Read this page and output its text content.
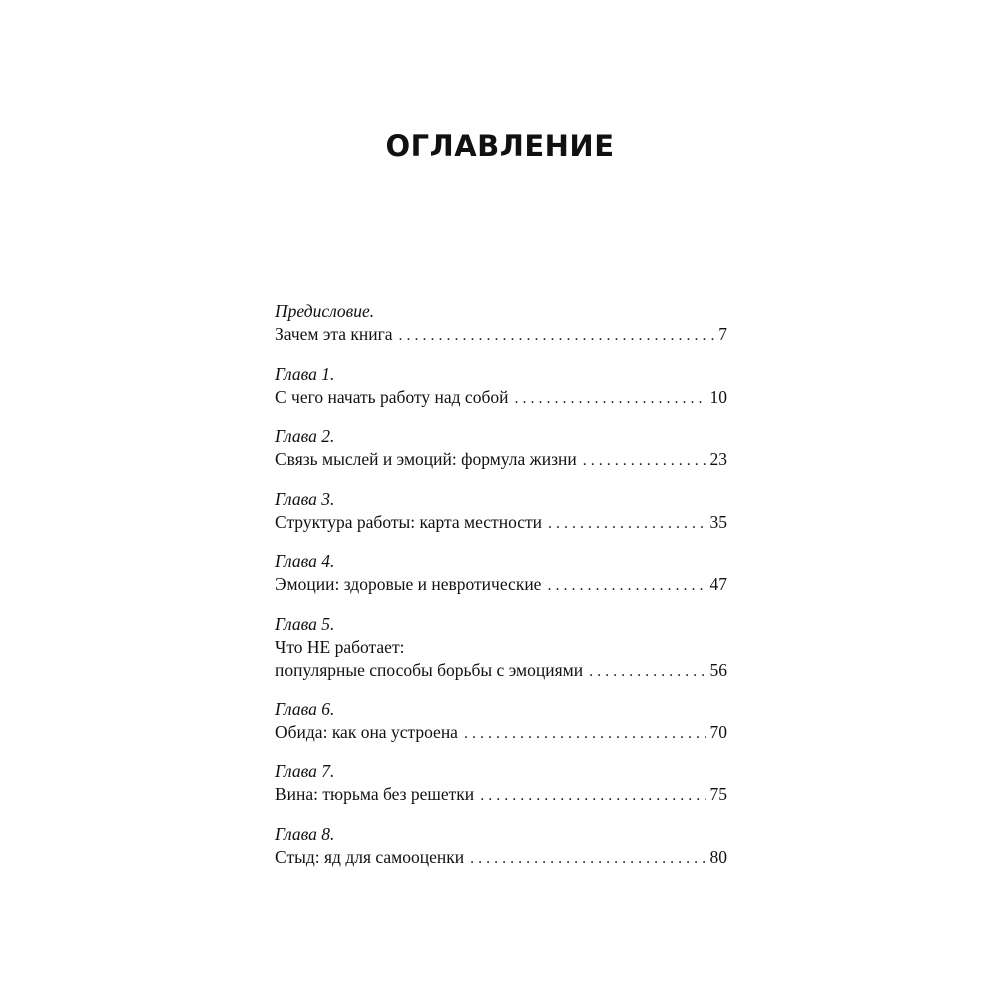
ОГЛАВЛЕНИЕ
Предисловие.
Зачем эта книга . . .	7
Глава 1.
С чего начать работу над собой . . .	10
Глава 2.
Связь мыслей и эмоций: формула жизни . . .	23
Глава 3.
Структура работы: карта местности . . .	35
Глава 4.
Эмоции: здоровые и невротические . . .	47
Глава 5.
Что НЕ работает:
популярные способы борьбы с эмоциями . . .	56
Глава 6.
Обида: как она устроена . . .	70
Глава 7.
Вина: тюрьма без решетки . . .	75
Глава 8.
Стыд: яд для самооценки . . .	80
